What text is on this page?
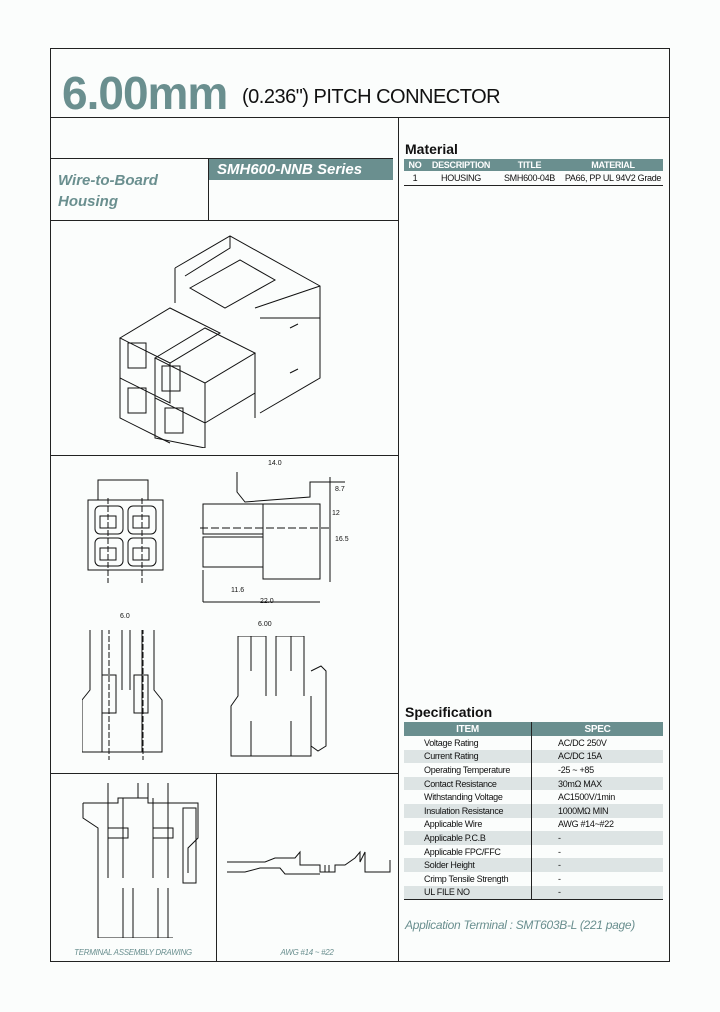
6.00mm (0.236") PITCH CONNECTOR
Wire-to-Board
Housing
SMH600-NNB Series
14.0
8.7
12
16.5
11.6
22.0
6.0
6.00
TERMINAL ASSEMBLY DRAWING	AWG #14 ~ #22
Material
NO	DESCRIPTION	TITLE	MATERIAL
1	HOUSING	SMH600-04B	PA66, PP UL 94V2 Grade
Specification
ITEM	SPEC
Voltage Rating	AC/DC 250V
Current Rating	AC/DC 15A
Operating Temperature	-25 ~ +85
Contact Resistance	30mΩ MAX
Withstanding Voltage	AC1500V/1min
Insulation Resistance	1000MΩ MIN
Applicable Wire	AWG #14~#22
Applicable P.C.B	-
Applicable FPC/FFC	-
Solder Height	-
Crimp Tensile Strength	-
UL FILE NO	-
Application Terminal : SMT603B-L (221 page)
